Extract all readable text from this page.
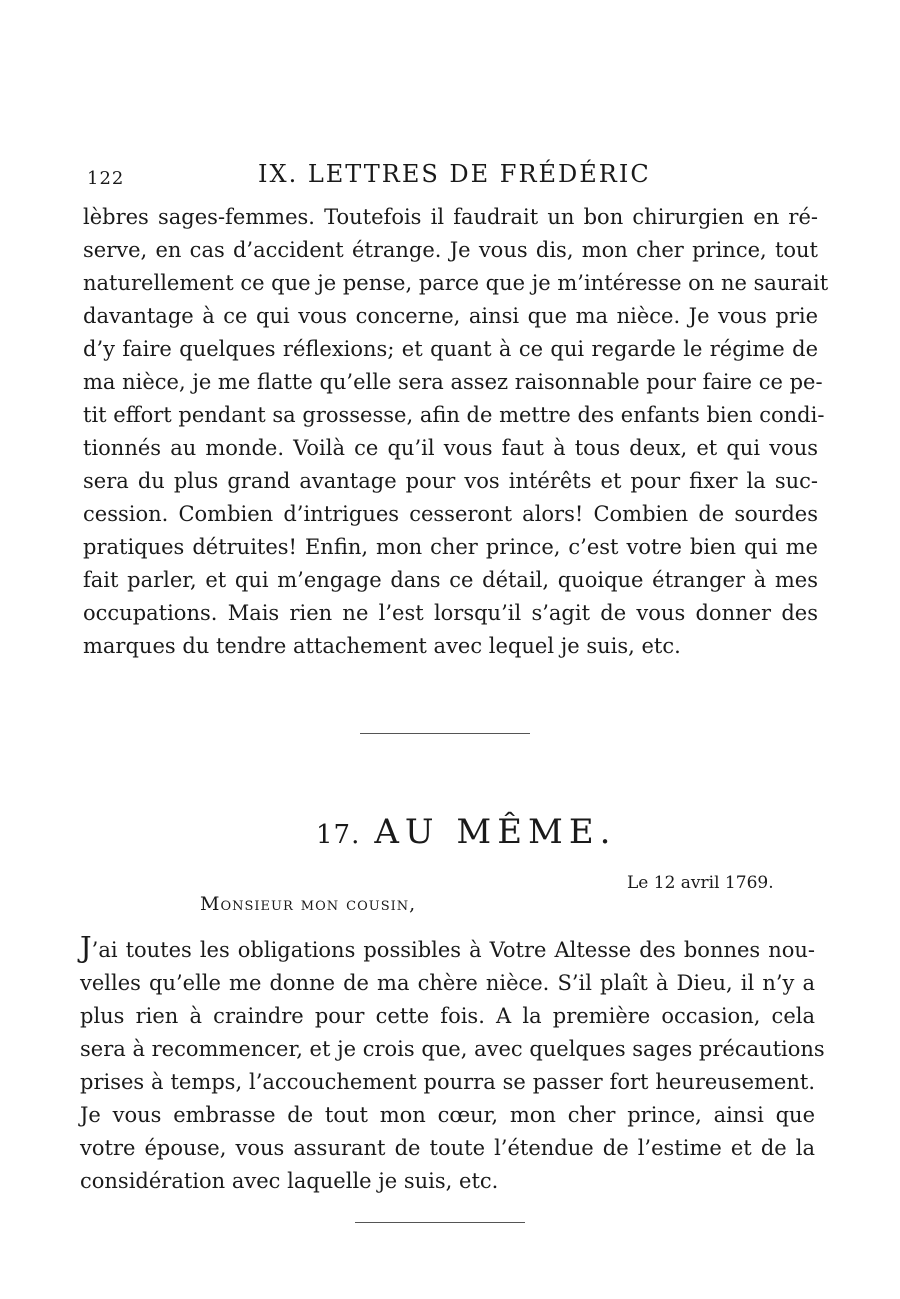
122	IX. LETTRES DE FRÉDÉRIC
lèbres sages-femmes. Toutefois il faudrait un bon chirurgien en ré-
serve, en cas d’accident étrange. Je vous dis, mon cher prince, tout
naturellement ce que je pense, parce que je m’intéresse on ne saurait
davantage à ce qui vous concerne, ainsi que ma nièce. Je vous prie
d’y faire quelques réflexions; et quant à ce qui regarde le régime de
ma nièce, je me flatte qu’elle sera assez raisonnable pour faire ce pe-
tit effort pendant sa grossesse, afin de mettre des enfants bien condi-
tionnés au monde. Voilà ce qu’il vous faut à tous deux, et qui vous
sera du plus grand avantage pour vos intérêts et pour fixer la suc-
cession. Combien d’intrigues cesseront alors! Combien de sourdes
pratiques détruites! Enfin, mon cher prince, c’est votre bien qui me
fait parler, et qui m’engage dans ce détail, quoique étranger à mes
occupations. Mais rien ne l’est lorsqu’il s’agit de vous donner des
marques du tendre attachement avec lequel je suis, etc.
17. AU MÊME.
Le 12 avril 1769.
Monsieur mon cousin,
J’ai toutes les obligations possibles à Votre Altesse des bonnes nou-
velles qu’elle me donne de ma chère nièce. S’il plaît à Dieu, il n’y a
plus rien à craindre pour cette fois. A la première occasion, cela
sera à recommencer, et je crois que, avec quelques sages précautions
prises à temps, l’accouchement pourra se passer fort heureusement.
Je vous embrasse de tout mon cœur, mon cher prince, ainsi que
votre épouse, vous assurant de toute l’étendue de l’estime et de la
considération avec laquelle je suis, etc.
